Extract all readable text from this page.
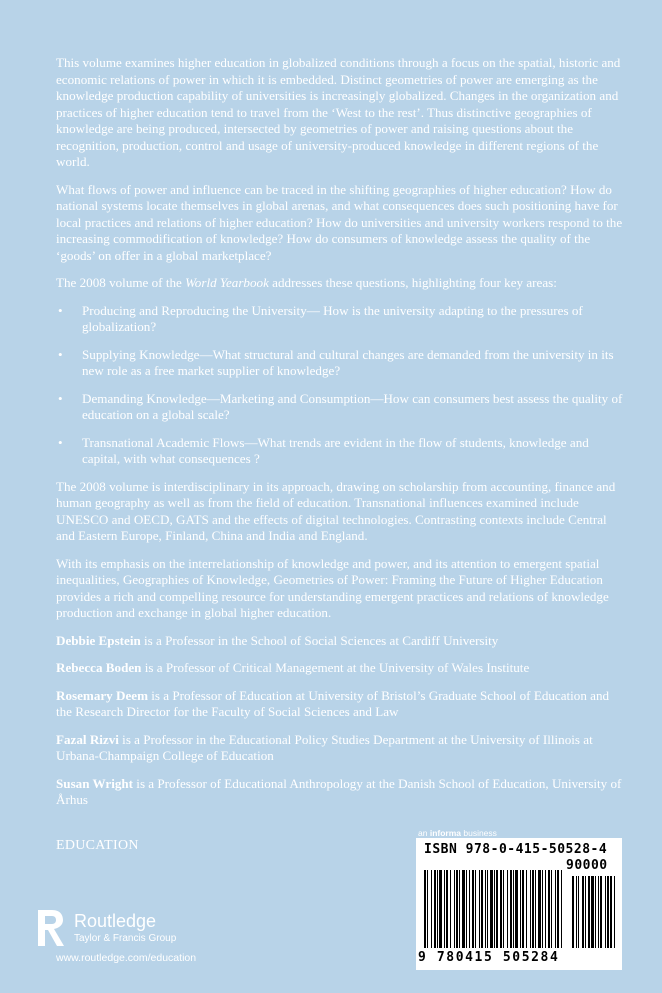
This volume examines higher education in globalized conditions through a focus on the spatial, historic and economic relations of power in which it is embedded. Distinct geometries of power are emerging as the knowledge production capability of universities is increasingly globalized. Changes in the organization and practices of higher education tend to travel from the ‘West to the rest’. Thus distinctive geographies of knowledge are being produced, intersected by geometries of power and raising questions about the recognition, production, control and usage of university-produced knowledge in different regions of the world.

What flows of power and influence can be traced in the shifting geographies of higher education? How do national systems locate themselves in global arenas, and what consequences does such positioning have for local practices and relations of higher education? How do universities and university workers respond to the increasing commodification of knowledge? How do consumers of knowledge assess the quality of the ‘goods’ on offer in a global marketplace?

The 2008 volume of the World Yearbook addresses these questions, highlighting four key areas:

• Producing and Reproducing the University— How is the university adapting to the pressures of globalization?
• Supplying Knowledge—What structural and cultural changes are demanded from the university in its new role as a free market supplier of knowledge?
• Demanding Knowledge—Marketing and Consumption—How can consumers best assess the quality of education on a global scale?
• Transnational Academic Flows—What trends are evident in the flow of students, knowledge and capital, with what consequences ?

The 2008 volume is interdisciplinary in its approach, drawing on scholarship from accounting, finance and human geography as well as from the field of education. Transnational influences examined include UNESCO and OECD, GATS and the effects of digital technologies. Contrasting contexts include Central and Eastern Europe, Finland, China and India and England.

With its emphasis on the interrelationship of knowledge and power, and its attention to emergent spatial inequalities, Geographies of Knowledge, Geometries of Power: Framing the Future of Higher Education provides a rich and compelling resource for understanding emergent practices and relations of knowledge production and exchange in global higher education.

Debbie Epstein is a Professor in the School of Social Sciences at Cardiff University

Rebecca Boden is a Professor of Critical Management at the University of Wales Institute

Rosemary Deem is a Professor of Education at University of Bristol’s Graduate School of Education and the Research Director for the Faculty of Social Sciences and Law

Fazal Rizvi is a Professor in the Educational Policy Studies Department at the University of Illinois at Urbana-Champaign College of Education

Susan Wright is a Professor of Educational Anthropology at the Danish School of Education, University of Århus

EDUCATION
Routledge
Taylor & Francis Group
www.routledge.com/education
an informa business
ISBN 978-0-415-50528-4
90000
9 780415 505284
